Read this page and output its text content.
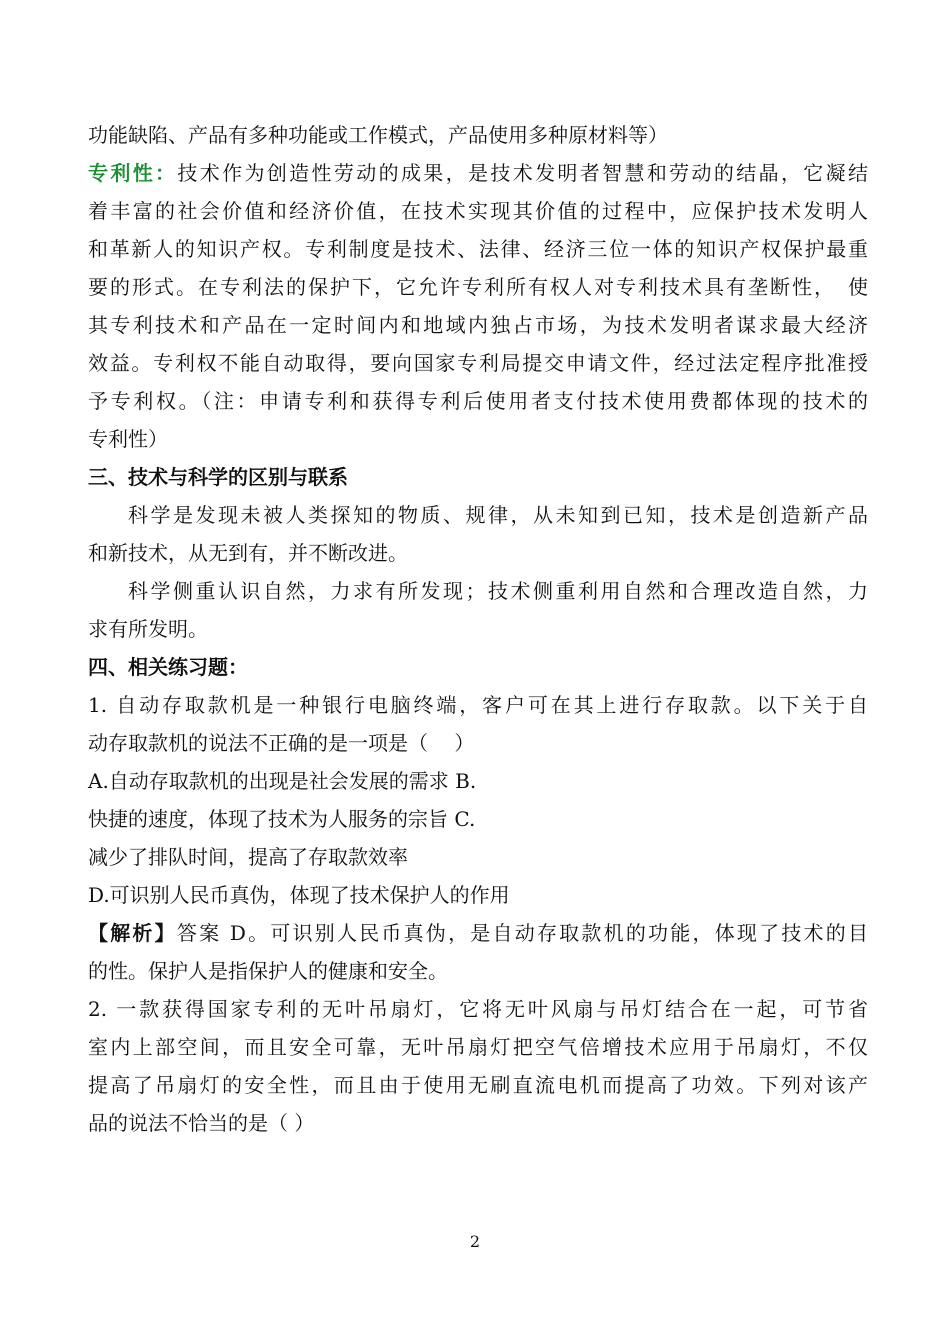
功能缺陷、产品有多种功能或工作模式，产品使用多种原材料等）
专利性：技术作为创造性劳动的成果，是技术发明者智慧和劳动的结晶，它凝结
着丰富的社会价值和经济价值，在技术实现其价值的过程中，应保护技术发明人
和革新人的知识产权。专利制度是技术、法律、经济三位一体的知识产权保护最重
要的形式。在专利法的保护下，它允许专利所有权人对专利技术具有垄断性，　使
其专利技术和产品在一定时间内和地域内独占市场，为技术发明者谋求最大经济
效益。专利权不能自动取得，要向国家专利局提交申请文件，经过法定程序批准授
予专利权。（注：申请专利和获得专利后使用者支付技术使用费都体现的技术的
专利性）
三、技术与科学的区别与联系
科学是发现未被人类探知的物质、规律，从未知到已知，技术是创造新产品
和新技术，从无到有，并不断改进。
科学侧重认识自然，力求有所发现；技术侧重利用自然和合理改造自然，力
求有所发明。
四、相关练习题：
1. 自动存取款机是一种银行电脑终端，客户可在其上进行存取款。以下关于自
动存取款机的说法不正确的是一项是（　 ）
A.自动存取款机的出现是社会发展的需求 B.
快捷的速度，体现了技术为人服务的宗旨 C.
减少了排队时间，提高了存取款效率
D.可识别人民币真伪，体现了技术保护人的作用
【解析】答案 D。可识别人民币真伪，是自动存取款机的功能，体现了技术的目
的性。保护人是指保护人的健康和安全。
2. 一款获得国家专利的无叶吊扇灯，它将无叶风扇与吊灯结合在一起，可节省
室内上部空间，而且安全可靠，无叶吊扇灯把空气倍增技术应用于吊扇灯，不仅
提高了吊扇灯的安全性，而且由于使用无刷直流电机而提高了功效。下列对该产
品的说法不恰当的是（ ）
2
